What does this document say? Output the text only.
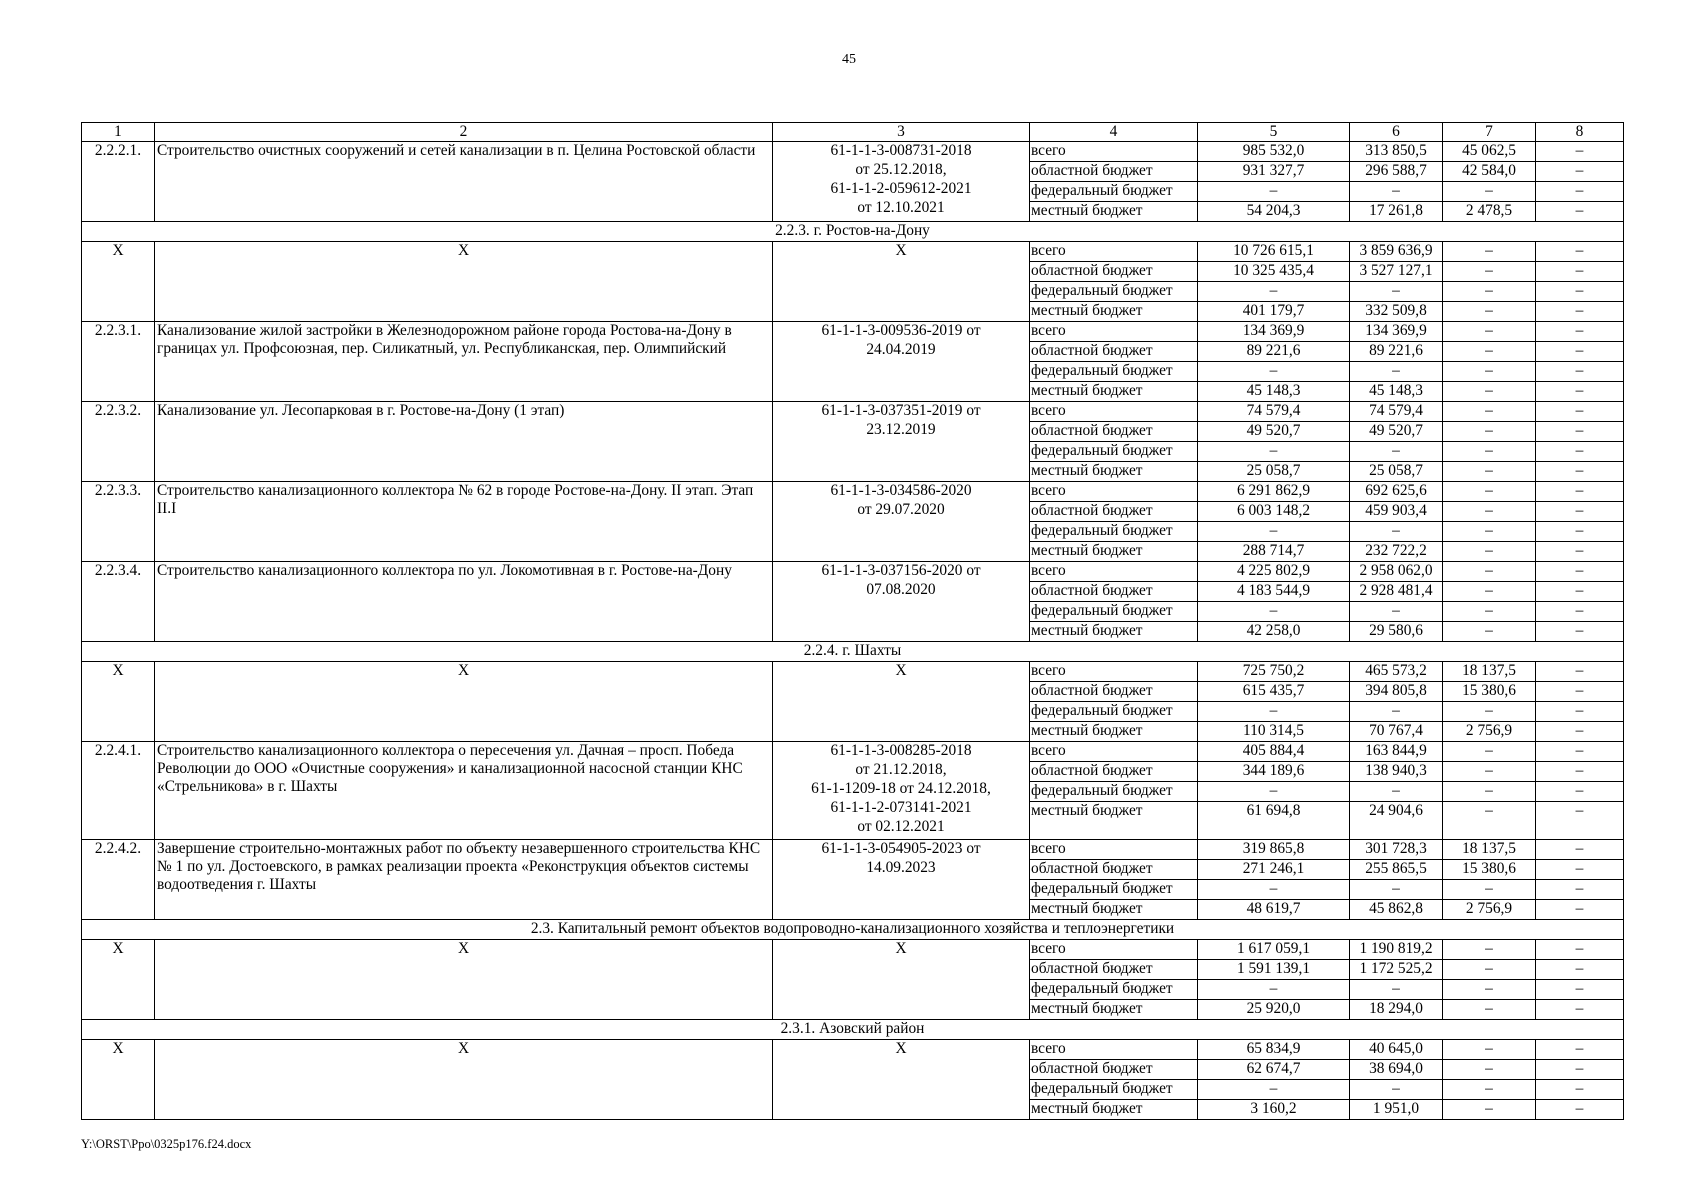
45
1	2	3	4	5	6	7	8
2.2.2.1.	Строительство очистных сооружений и сетей канализации в п. Целина Ростовской области	61-1-1-3-008731-2018
от 25.12.2018,
61-1-1-2-059612-2021
от 12.10.2021	всего	985 532,0	313 850,5	45 062,5	–
			областной бюджет	931 327,7	296 588,7	42 584,0	–
			федеральный бюджет	–	–	–	–
			местный бюджет	54 204,3	17 261,8	2 478,5	–
2.2.3. г. Ростов-на-Дону							
Х	Х	Х	всего	10 726 615,1	3 859 636,9	–	–
			областной бюджет	10 325 435,4	3 527 127,1	–	–
			федеральный бюджет	–	–	–	–
			местный бюджет	401 179,7	332 509,8	–	–
2.2.3.1.	Канализование жилой застройки в Железнодорожном районе города Ростова-на-Дону в границах ул. Профсоюзная, пер. Силикатный, ул. Республиканская, пер. Олимпийский	61-1-1-3-009536-2019 от
24.04.2019	всего	134 369,9	134 369,9	–	–
			областной бюджет	89 221,6	89 221,6	–	–
			федеральный бюджет	–	–	–	–
			местный бюджет	45 148,3	45 148,3	–	–
2.2.3.2.	Канализование ул. Лесопарковая в г. Ростове-на-Дону (1 этап)	61-1-1-3-037351-2019 от
23.12.2019	всего	74 579,4	74 579,4	–	–
			областной бюджет	49 520,7	49 520,7	–	–
			федеральный бюджет	–	–	–	–
			местный бюджет	25 058,7	25 058,7	–	–
2.2.3.3.	Строительство канализационного коллектора № 62 в городе Ростове-на-Дону. II этап. Этап II.I	61-1-1-3-034586-2020
от 29.07.2020	всего	6 291 862,9	692 625,6	–	–
			областной бюджет	6 003 148,2	459 903,4	–	–
			федеральный бюджет	–	–	–	–
			местный бюджет	288 714,7	232 722,2	–	–
2.2.3.4.	Строительство канализационного коллектора по ул. Локомотивная в г. Ростове-на-Дону	61-1-1-3-037156-2020 от
07.08.2020	всего	4 225 802,9	2 958 062,0	–	–
			областной бюджет	4 183 544,9	2 928 481,4	–	–
			федеральный бюджет	–	–	–	–
			местный бюджет	42 258,0	29 580,6	–	–
2.2.4. г. Шахты							
Х	Х	Х	всего	725 750,2	465 573,2	18 137,5	–
			областной бюджет	615 435,7	394 805,8	15 380,6	–
			федеральный бюджет	–	–	–	–
			местный бюджет	110 314,5	70 767,4	2 756,9	–
2.2.4.1.	Строительство канализационного коллектора о пересечения ул. Дачная – просп. Победа Революции до ООО «Очистные сооружения» и канализационной насосной станции КНС «Стрельникова» в г. Шахты	61-1-1-3-008285-2018
от 21.12.2018,
61-1-1209-18 от 24.12.2018,
61-1-1-2-073141-2021
от 02.12.2021	всего	405 884,4	163 844,9	–	–
			областной бюджет	344 189,6	138 940,3	–	–
			федеральный бюджет	–	–	–	–
			местный бюджет	61 694,8	24 904,6	–	–
2.2.4.2.	Завершение строительно-монтажных работ по объекту незавершенного строительства КНС № 1 по ул. Достоевского, в рамках реализации проекта «Реконструкция объектов системы водоотведения г. Шахты	61-1-1-3-054905-2023 от
14.09.2023	всего	319 865,8	301 728,3	18 137,5	–
			областной бюджет	271 246,1	255 865,5	15 380,6	–
			федеральный бюджет	–	–	–	–
			местный бюджет	48 619,7	45 862,8	2 756,9	–
2.3. Капитальный ремонт объектов водопроводно-канализационного хозяйства и теплоэнергетики							
Х	Х	Х	всего	1 617 059,1	1 190 819,2	–	–
			областной бюджет	1 591 139,1	1 172 525,2	–	–
			федеральный бюджет	–	–	–	–
			местный бюджет	25 920,0	18 294,0	–	–
2.3.1. Азовский район							
Х	Х	Х	всего	65 834,9	40 645,0	–	–
			областной бюджет	62 674,7	38 694,0	–	–
			федеральный бюджет	–	–	–	–
			местный бюджет	3 160,2	1 951,0	–	–
Y:\ORST\Ppo\0325p176.f24.docx
